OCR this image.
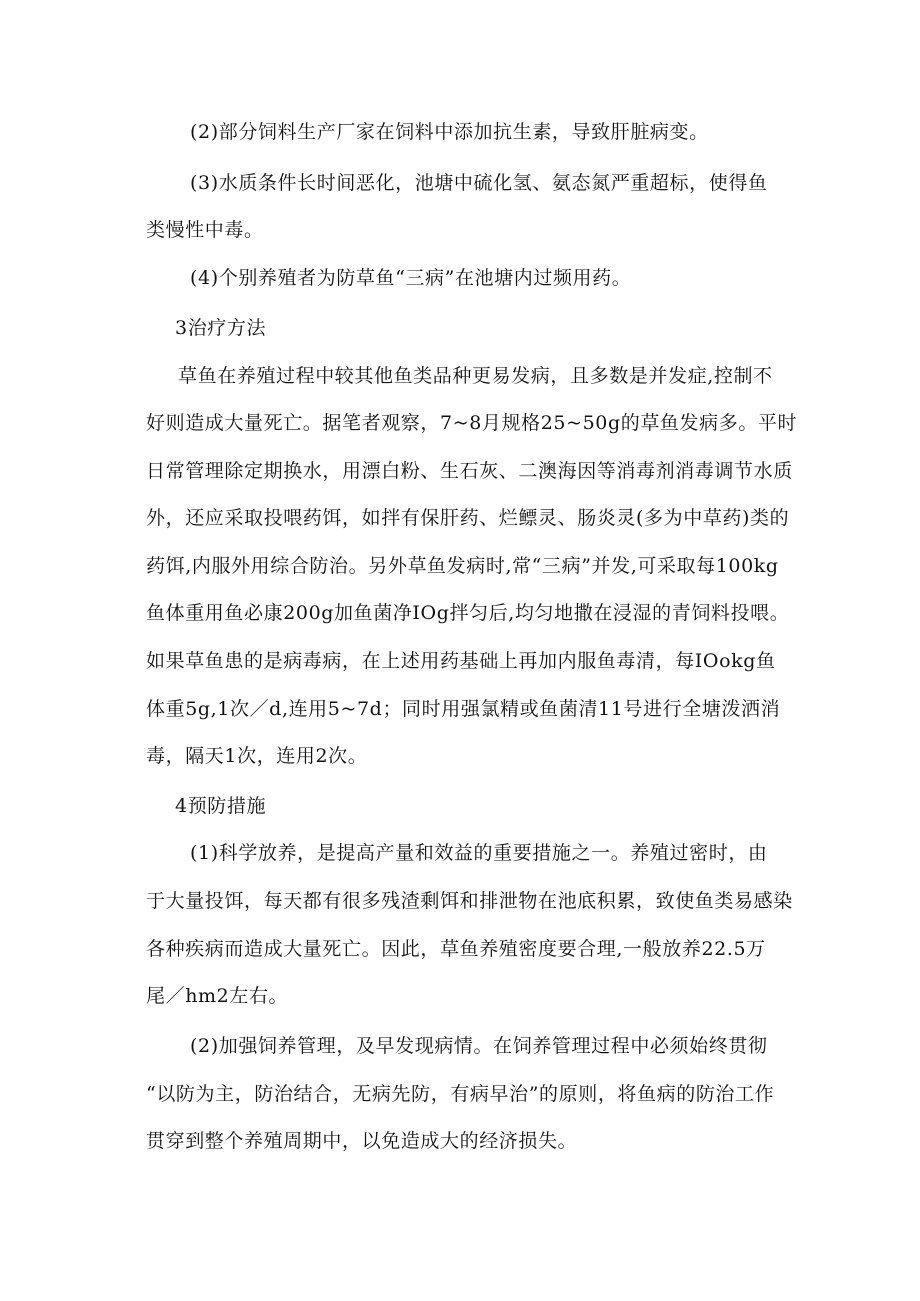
(2)部分饲料生产厂家在饲料中添加抗生素，导致肝脏病变。
(3)水质条件长时间恶化，池塘中硫化氢、氨态氮严重超标，使得鱼
类慢性中毒。
(4)个别养殖者为防草鱼“三病”在池塘内过频用药。
3治疗方法
草鱼在养殖过程中较其他鱼类品种更易发病，且多数是并发症,控制不
好则造成大量死亡。据笔者观察，7~8月规格25~50g的草鱼发病多。平时
日常管理除定期换水，用漂白粉、生石灰、二澳海因等消毒剂消毒调节水质
外，还应采取投喂药饵，如拌有保肝药、烂鳔灵、肠炎灵(多为中草药)类的
药饵,内服外用综合防治。另外草鱼发病时,常“三病”并发,可采取每100kg
鱼体重用鱼必康200g加鱼菌净IOg拌匀后,均匀地撒在浸湿的青饲料投喂。
如果草鱼患的是病毒病，在上述用药基础上再加内服鱼毒清，每IOokg鱼
体重5g,1次／d,连用5~7d；同时用强氯精或鱼菌清11号进行全塘泼洒消
毒，隔天1次，连用2次。
4预防措施
(1)科学放养，是提高产量和效益的重要措施之一。养殖过密时，由
于大量投饵，每天都有很多残渣剩饵和排泄物在池底积累，致使鱼类易感染
各种疾病而造成大量死亡。因此，草鱼养殖密度要合理,一般放养22.5万
尾／hm2左右。
(2)加强饲养管理，及早发现病情。在饲养管理过程中必须始终贯彻
“以防为主，防治结合，无病先防，有病早治”的原则，将鱼病的防治工作
贯穿到整个养殖周期中，以免造成大的经济损失。
